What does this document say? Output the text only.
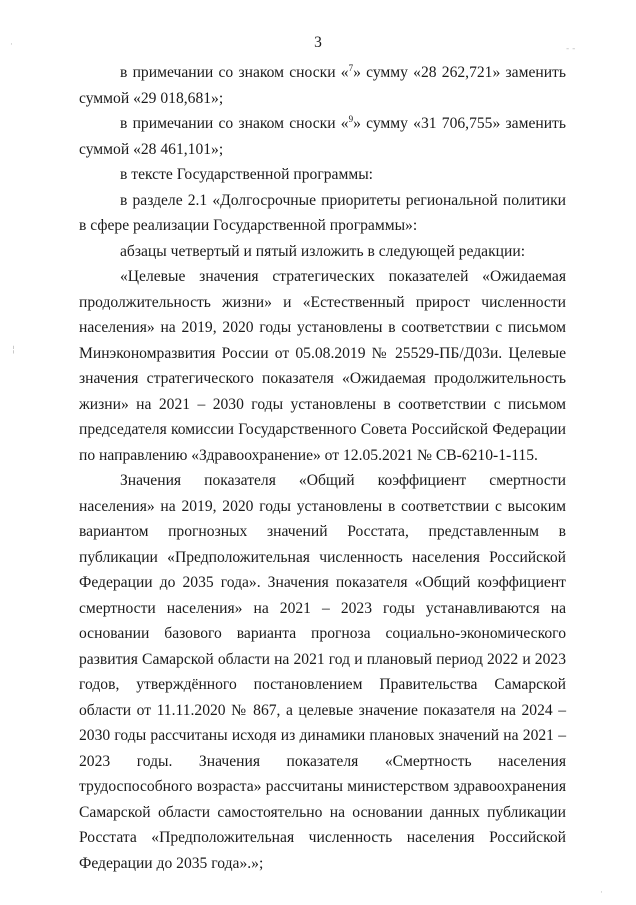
3

в примечании со знаком сноски «$^7$» сумму «28 262,721» заменить суммой «29 018,681»;

в примечании со знаком сноски «$^9$» сумму «31 706,755» заменить суммой «28 461,101»;

в тексте Государственной программы:

в разделе 2.1 «Долгосрочные приоритеты региональной политики в сфере реализации Государственной программы»:

абзацы четвертый и пятый изложить в следующей редакции:

«Целевые значения стратегических показателей «Ожидаемая продолжительность жизни» и «Естественный прирост численности населения» на 2019, 2020 годы установлены в соответствии с письмом Минэкономразвития России от 05.08.2019 № 25529-ПБ/Д03и. Целевые значения стратегического показателя «Ожидаемая продолжительность жизни» на 2021 – 2030 годы установлены в соответствии с письмом председателя комиссии Государственного Совета Российской Федерации по направлению «Здравоохранение» от 12.05.2021 № СВ-6210-1-115.

Значения показателя «Общий коэффициент смертности населения» на 2019, 2020 годы установлены в соответствии с высоким вариантом прогнозных значений Росстата, представленным в публикации «Предположительная численность населения Российской Федерации до 2035 года». Значения показателя «Общий коэффициент смертности населения» на 2021 – 2023 годы устанавливаются на основании базового варианта прогноза социально-экономического развития Самарской области на 2021 год и плановый период 2022 и 2023 годов, утверждённого постановлением Правительства Самарской области от 11.11.2020 № 867, а целевые значение показателя на 2024 – 2030 годы рассчитаны исходя из динамики плановых значений на 2021 – 2023 годы. Значения показателя «Смертность населения трудоспособного возраста» рассчитаны министерством здравоохранения Самарской области самостоятельно на основании данных публикации Росстата «Предположительная численность населения Российской Федерации до 2035 года».»;

·
¦
‑ ‑
·
